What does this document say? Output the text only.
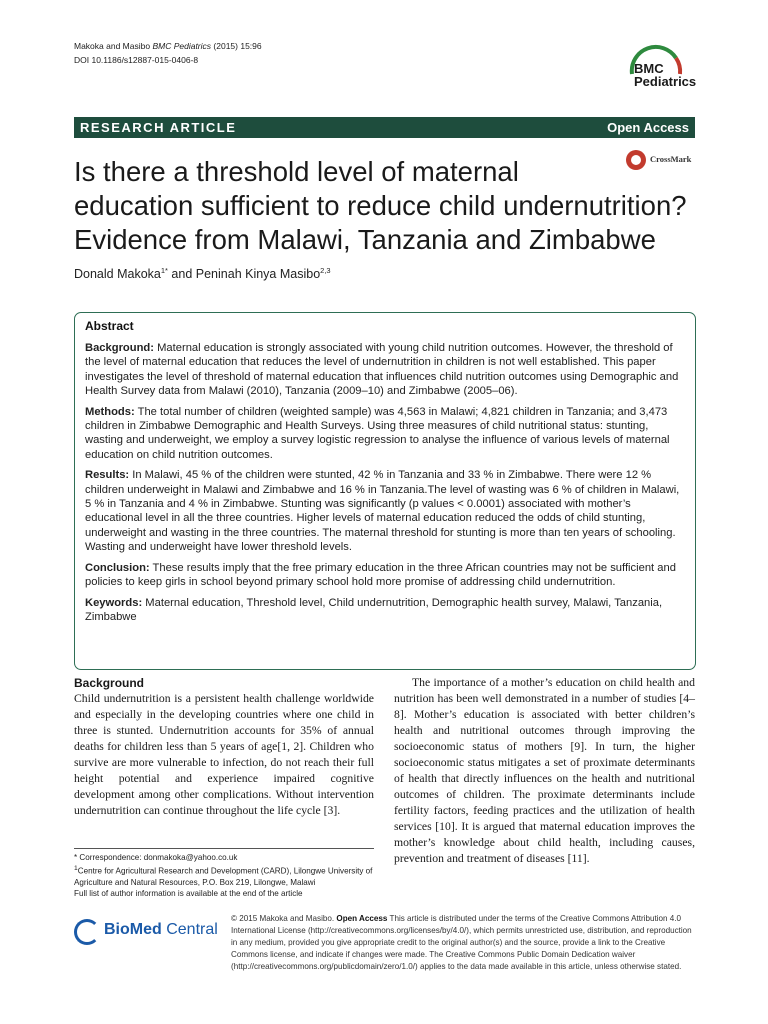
Makoka and Masibo BMC Pediatrics (2015) 15:96
DOI 10.1186/s12887-015-0406-8
BMC
Pediatrics
RESEARCH ARTICLE	Open Access
CrossMark
Is there a threshold level of maternal
education sufficient to reduce child undernutrition?
Evidence from Malawi, Tanzania and Zimbabwe
Donald Makoka$^{1*}$ and Peninah Kinya Masibo$^{2,3}$
Abstract

Background: Maternal education is strongly associated with young child nutrition outcomes. However, the threshold of the level of maternal education that reduces the level of undernutrition in children is not well established. This paper investigates the level of threshold of maternal education that influences child nutrition outcomes using Demographic and Health Survey data from Malawi (2010), Tanzania (2009–10) and Zimbabwe (2005–06).

Methods: The total number of children (weighted sample) was 4,563 in Malawi; 4,821 children in Tanzania; and 3,473 children in Zimbabwe Demographic and Health Surveys. Using three measures of child nutritional status: stunting, wasting and underweight, we employ a survey logistic regression to analyse the influence of various levels of maternal education on child nutrition outcomes.

Results: In Malawi, 45 % of the children were stunted, 42 % in Tanzania and 33 % in Zimbabwe. There were 12 % children underweight in Malawi and Zimbabwe and 16 % in Tanzania.The level of wasting was 6 % of children in Malawi, 5 % in Tanzania and 4 % in Zimbabwe. Stunting was significantly (p values < 0.0001) associated with mother’s educational level in all the three countries. Higher levels of maternal education reduced the odds of child stunting, underweight and wasting in the three countries. The maternal threshold for stunting is more than ten years of schooling. Wasting and underweight have lower threshold levels.

Conclusion: These results imply that the free primary education in the three African countries may not be sufficient and policies to keep girls in school beyond primary school hold more promise of addressing child undernutrition.

Keywords: Maternal education, Threshold level, Child undernutrition, Demographic health survey, Malawi, Tanzania, Zimbabwe

Background
Child undernutrition is a persistent health challenge worldwide and especially in the developing countries where one child in three is stunted. Undernutrition accounts for 35% of annual deaths for children less than 5 years of age[1, 2]. Children who survive are more vulnerable to infection, do not reach their full height potential and experience impaired cognitive development among other complications. Without intervention undernutrition can continue throughout the life cycle [3].
The importance of a mother’s education on child health and nutrition has been well demonstrated in a number of studies [4–8]. Mother’s education is associated with better children’s health and nutritional outcomes through improving the socioeconomic status of mothers [9]. In turn, the higher socioeconomic status mitigates a set of proximate determinants of health that directly influences on the health and nutritional outcomes of children. The proximate determinants include fertility factors, feeding practices and the utilization of health services [10]. It is argued that maternal education improves the mother’s knowledge about child health, including causes, prevention and treatment of diseases [11].

* Correspondence: donmakoka@yahoo.co.uk

$^1$Centre for Agricultural Research and Development (CARD), Lilongwe University of Agriculture and Natural Resources, P.O. Box 219, Lilongwe, Malawi

Full list of author information is available at the end of the article

BioMed Central
© 2015 Makoka and Masibo. Open Access This article is distributed under the terms of the Creative Commons Attribution 4.0 International License (http://creativecommons.org/licenses/by/4.0/), which permits unrestricted use, distribution, and reproduction in any medium, provided you give appropriate credit to the original author(s) and the source, provide a link to the Creative Commons license, and indicate if changes were made. The Creative Commons Public Domain Dedication waiver (http://creativecommons.org/publicdomain/zero/1.0/) applies to the data made available in this article, unless otherwise stated.
